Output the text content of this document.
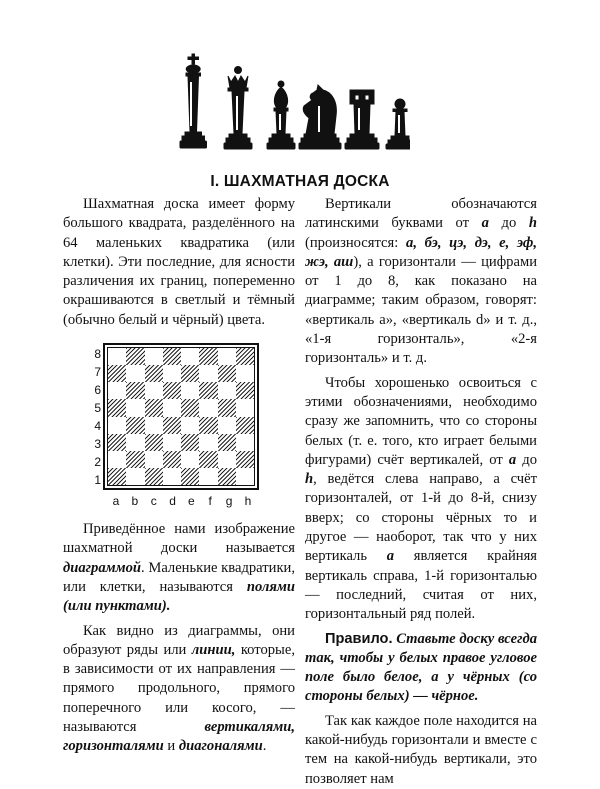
I. ШАХМАТНАЯ ДОСКА

Шахматная доска имеет форму большого квадрата, разделённого на 64 маленьких квадратика (или клетки). Эти последние, для ясности различения их границ, попеременно окрашиваются в светлый и тёмный (обычно белый и чёрный) цвета.

8
7
6
5
4
3
2
1
a	b	c	d	e	f	g	h

Приведённое нами изображение шахматной доски называется диаграммой. Маленькие квадратики, или клетки, называются полями (или пунктами).

Как видно из диаграммы, они образуют ряды или линии, которые, в зависимости от их направления — прямого продольного, прямого поперечного или косого, — называются вертикалями, горизонталями и диагоналями.

Вертикали обозначаются латинскими буквами от a до h (произносятся: а, бэ, цэ, дэ, е, эф, жэ, аш), а горизонтали — цифрами от 1 до 8, как показано на диаграмме; таким образом, говорят: «вертикаль a», «вертикаль d» и т. д., «1-я горизонталь», «2-я горизонталь» и т. д.

Чтобы хорошенько освоиться с этими обозначениями, необходимо сразу же запомнить, что со стороны белых (т. е. того, кто играет белыми фигурами) счёт вертикалей, от a до h, ведётся слева направо, а счёт горизонталей, от 1-й до 8-й, снизу вверх; со стороны чёрных то и другое — наоборот, так что у них вертикаль a является крайняя вертикаль справа, 1-й горизонталью — последний, считая от них, горизонтальный ряд полей.

Правило. Ставьте доску всегда так, чтобы у белых правое угловое поле было белое, а у чёрных (со стороны белых) — чёрное.

Так как каждое поле находится на какой-нибудь горизонтали и вместе с тем на какой-нибудь вертикали, это позволяет нам
